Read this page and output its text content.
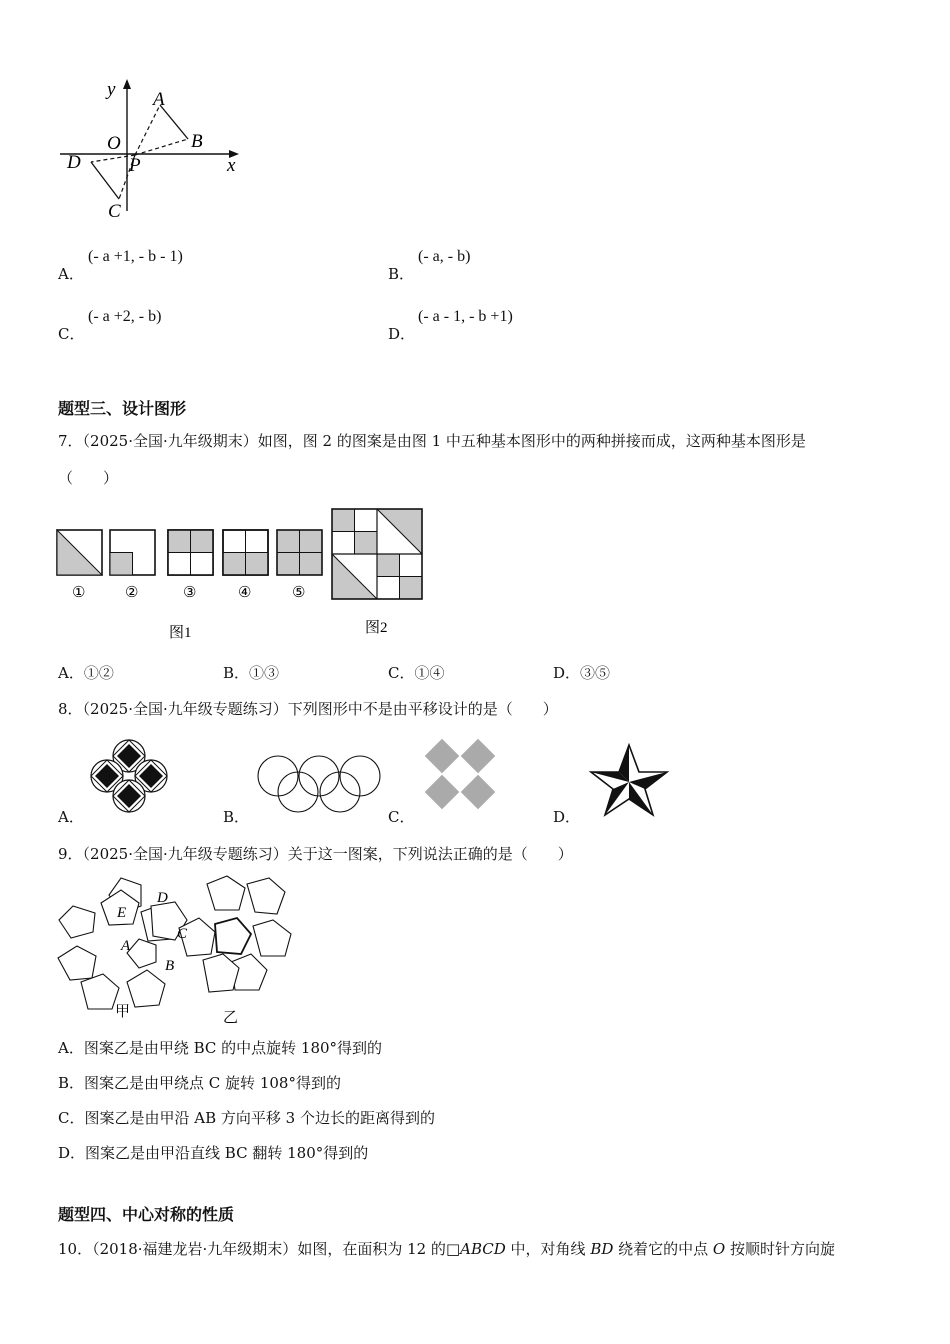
y
x
A
B
C
D
O
P
A．
(- a +1, - b - 1)
B．
(- a, - b)
C．
(- a +2, - b)
D．
(- a - 1, - b +1)
题型三、设计图形
7．（2025·全国·九年级期末）如图，图 2 的图案是由图 1 中五种基本图形中的两种拼接而成，这两种基本图形是
（　　）
①	②	③	④	⑤
图1	图2
A．①②	B．①③	C．①④	D．③⑤
8．（2025·全国·九年级专题练习）下列图形中不是由平移设计的是（　　）
A．	B．	C．	D．
9．（2025·全国·九年级专题练习）关于这一图案，下列说法正确的是（　　）
A
B
C
D
E
甲	乙
A．图案乙是由甲绕 BC 的中点旋转 180°得到的
B．图案乙是由甲绕点 C 旋转 108°得到的
C．图案乙是由甲沿 AB 方向平移 3 个边长的距离得到的
D．图案乙是由甲沿直线 BC 翻转 180°得到的
题型四、中心对称的性质
10．（2018·福建龙岩·九年级期末）如图，在面积为 12 的□ABCD 中，对角线 BD 绕着它的中点 O 按顺时针方向旋
